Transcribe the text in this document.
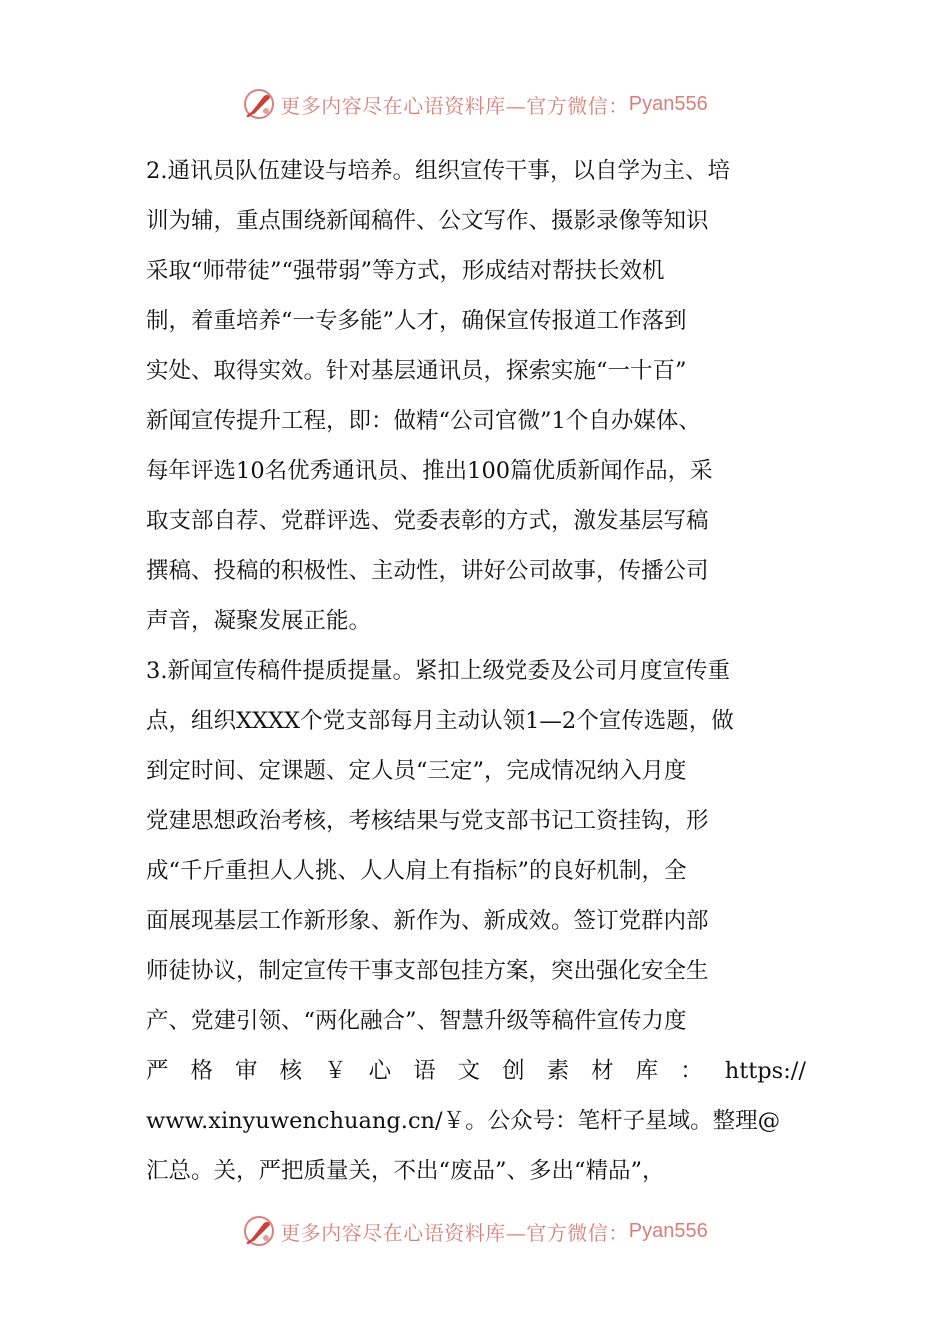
更多内容尽在心语资料库—官方微信： Pyan556
2.通讯员队伍建设与培养。组织宣传干事，以自学为主、培
训为辅，重点围绕新闻稿件、公文写作、摄影录像等知识
采取“师带徒”“强带弱”等方式，形成结对帮扶长效机
制，着重培养“一专多能”人才，确保宣传报道工作落到
实处、取得实效。针对基层通讯员，探索实施“一十百”
新闻宣传提升工程，即：做精“公司官微”1个自办媒体、
每年评选10名优秀通讯员、推出100篇优质新闻作品，采
取支部自荐、党群评选、党委表彰的方式，激发基层写稿
撰稿、投稿的积极性、主动性，讲好公司故事，传播公司
声音，凝聚发展正能。
3.新闻宣传稿件提质提量。紧扣上级党委及公司月度宣传重
点，组织XXXX个党支部每月主动认领1—2个宣传选题，做
到定时间、定课题、定人员“三定”，完成情况纳入月度
党建思想政治考核，考核结果与党支部书记工资挂钩，形
成“千斤重担人人挑、人人肩上有指标”的良好机制，全
面展现基层工作新形象、新作为、新成效。签订党群内部
师徒协议，制定宣传干事支部包挂方案，突出强化安全生
产、党建引领、“两化融合”、智慧升级等稿件宣传力度
严 格 审 核 ￥ 心 语 文 创 素 材 库 ： https://
www.xinyuwenchuang.cn/￥。公众号：笔杆子星域。整理@
汇总。关，严把质量关，不出“废品”、多出“精品”，
更多内容尽在心语资料库—官方微信： Pyan556
